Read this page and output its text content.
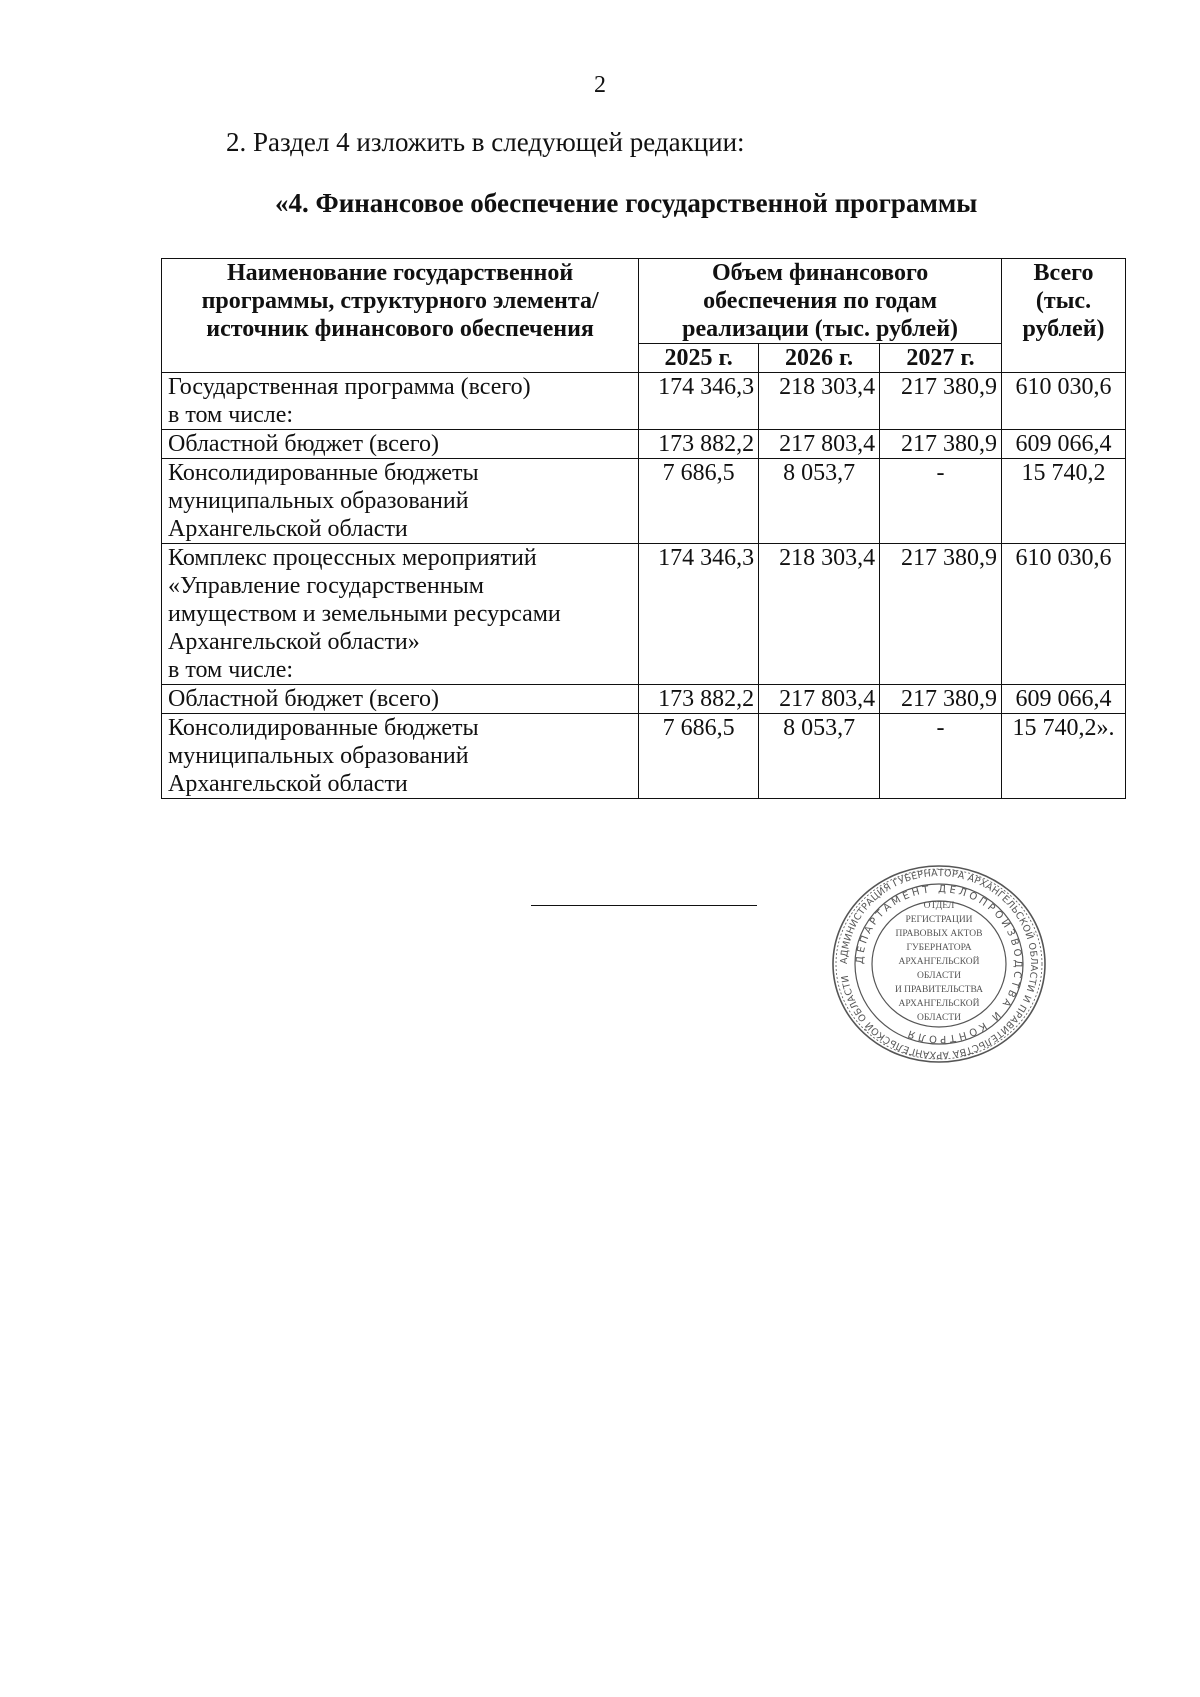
2
2. Раздел 4 изложить в следующей редакции:
«4. Финансовое обеспечение государственной программы
Наименование государственной программы, структурного элемента/ источник финансового обеспечения	Объем финансового обеспечения по годам реализации (тыс. рублей)			Всего (тыс. рублей)
	2025 г.	2026 г.	2027 г.	

Государственная программа (всего)
в том числе:	174 346,3	218 303,4	217 380,9	610 030,6

Областной бюджет (всего)	173 882,2	217 803,4	217 380,9	609 066,4

Консолидированные бюджеты
муниципальных образований
Архангельской области	7 686,5	8 053,7	-	15 740,2

Комплекс процессных мероприятий
«Управление государственным
имуществом и земельными ресурсами
Архангельской области»
в том числе:	174 346,3	218 303,4	217 380,9	610 030,6

Областной бюджет (всего)	173 882,2	217 803,4	217 380,9	609 066,4

Консолидированные бюджеты
муниципальных образований
Архангельской области	7 686,5	8 053,7	-	15 740,2».
АДМИНИСТРАЦИЯ ГУБЕРНАТОРА АРХАНГЕЛЬСКОЙ ОБЛАСТИ И ПРАВИТЕЛЬСТВА АРХАНГЕЛЬСКОЙ ОБЛАСТИ
ДЕПАРТАМЕНТ ДЕЛОПРОИЗВОДСТВА И КОНТРОЛЯ
ОТДЕЛ
РЕГИСТРАЦИИ
ПРАВОВЫХ АКТОВ
ГУБЕРНАТОРА
АРХАНГЕЛЬСКОЙ
ОБЛАСТИ
И ПРАВИТЕЛЬСТВА
АРХАНГЕЛЬСКОЙ
ОБЛАСТИ
